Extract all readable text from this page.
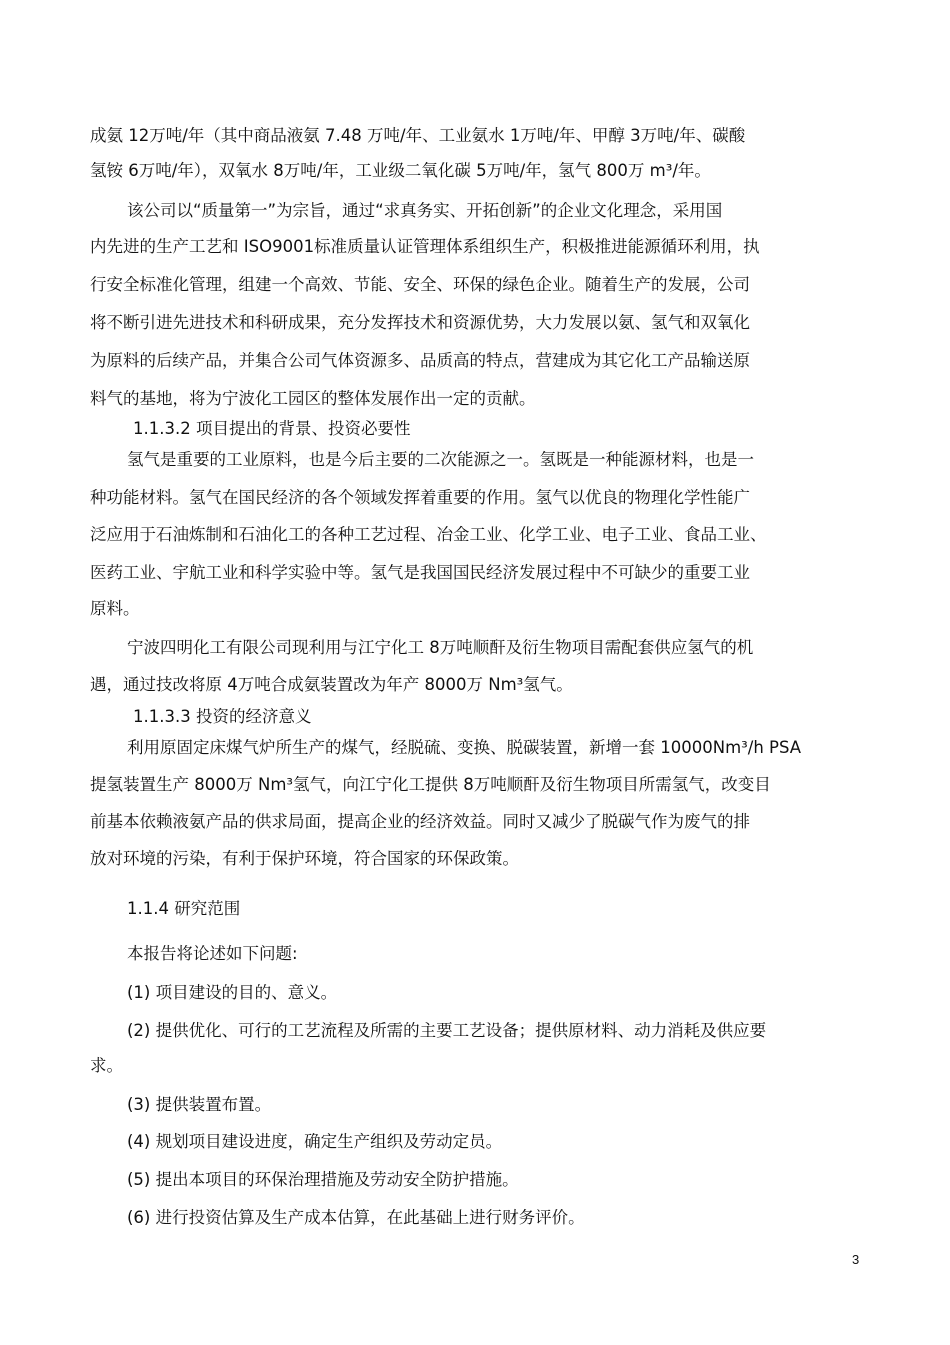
成氨 12万吨/年（其中商品液氨 7.48 万吨/年、工业氨水 1万吨/年、甲醇 3万吨/年、碳酸
氢铵 6万吨/年），双氧水 8万吨/年，工业级二氧化碳 5万吨/年，氢气 800万 m³/年。
该公司以“质量第一”为宗旨，通过“求真务实、开拓创新”的企业文化理念，采用国
内先进的生产工艺和 ISO9001标准质量认证管理体系组织生产，积极推进能源循环利用，执
行安全标准化管理，组建一个高效、节能、安全、环保的绿色企业。随着生产的发展，公司
将不断引进先进技术和科研成果，充分发挥技术和资源优势，大力发展以氨、氢气和双氧化
为原料的后续产品，并集合公司气体资源多、品质高的特点，营建成为其它化工产品输送原
料气的基地，将为宁波化工园区的整体发展作出一定的贡献。
1.1.3.2 项目提出的背景、投资必要性
氢气是重要的工业原料，也是今后主要的二次能源之一。氢既是一种能源材料，也是一
种功能材料。氢气在国民经济的各个领域发挥着重要的作用。氢气以优良的物理化学性能广
泛应用于石油炼制和石油化工的各种工艺过程、冶金工业、化学工业、电子工业、食品工业、
医药工业、宇航工业和科学实验中等。氢气是我国国民经济发展过程中不可缺少的重要工业
原料。
宁波四明化工有限公司现利用与江宁化工 8万吨顺酐及衍生物项目需配套供应氢气的机
遇，通过技改将原 4万吨合成氨装置改为年产 8000万 Nm³氢气。
1.1.3.3 投资的经济意义
利用原固定床煤气炉所生产的煤气，经脱硫、变换、脱碳装置，新增一套 10000Nm³/h PSA
提氢装置生产 8000万 Nm³氢气，向江宁化工提供 8万吨顺酐及衍生物项目所需氢气，改变目
前基本依赖液氨产品的供求局面，提高企业的经济效益。同时又减少了脱碳气作为废气的排
放对环境的污染，有利于保护环境，符合国家的环保政策。
1.1.4 研究范围
本报告将论述如下问题:
(1) 项目建设的目的、意义。
(2) 提供优化、可行的工艺流程及所需的主要工艺设备；提供原材料、动力消耗及供应要
求。
(3) 提供装置布置。
(4) 规划项目建设进度，确定生产组织及劳动定员。
(5) 提出本项目的环保治理措施及劳动安全防护措施。
(6) 进行投资估算及生产成本估算，在此基础上进行财务评价。
3
